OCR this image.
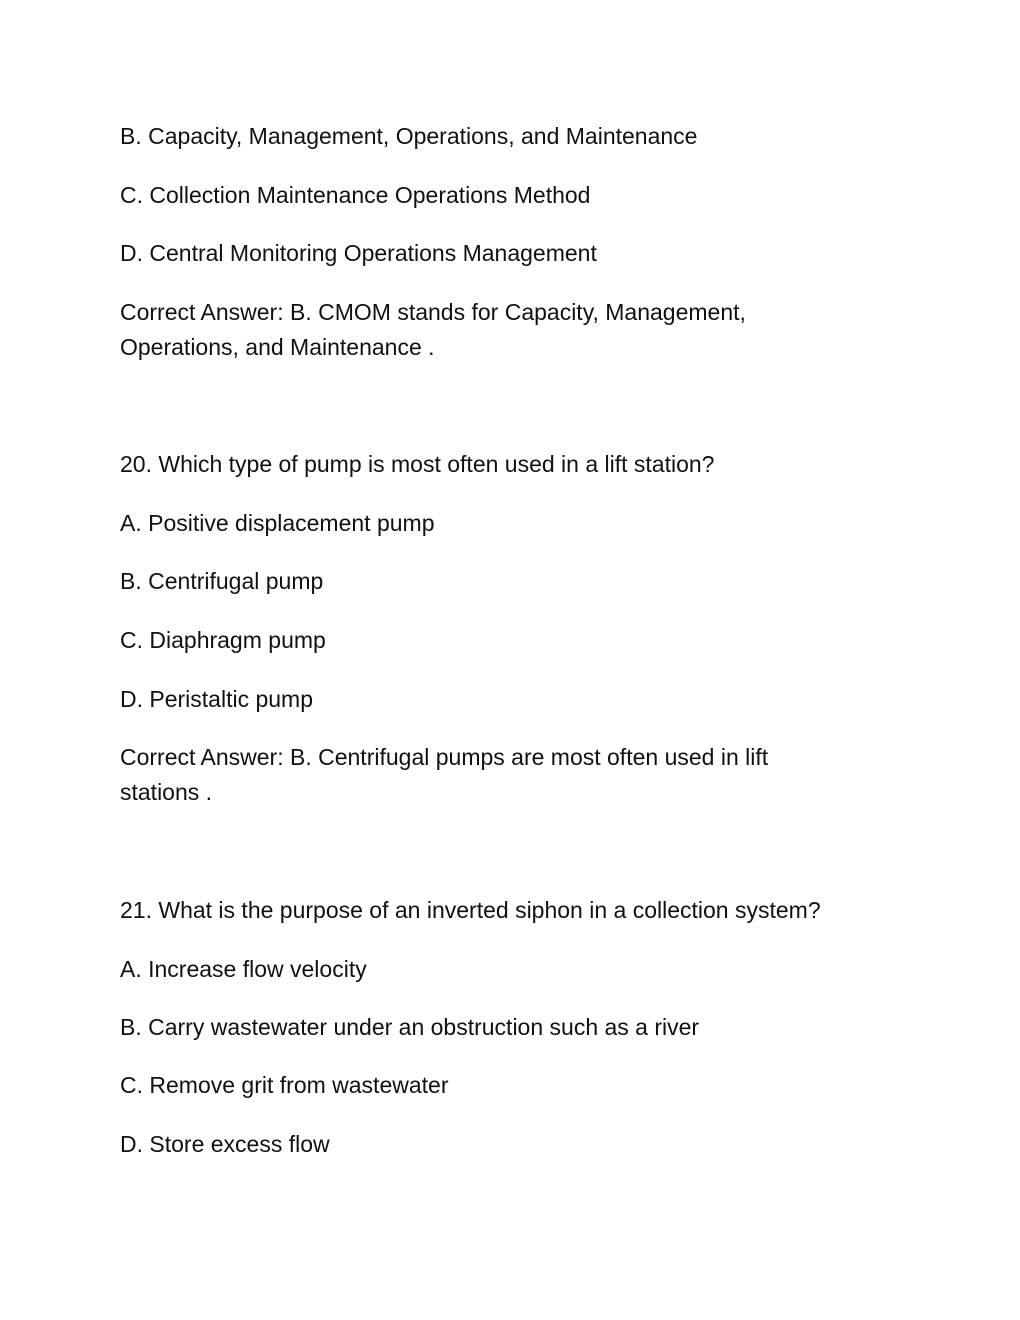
B. Capacity, Management, Operations, and Maintenance
C. Collection Maintenance Operations Method
D. Central Monitoring Operations Management
Correct Answer: B. CMOM stands for Capacity, Management,
Operations, and Maintenance .
20. Which type of pump is most often used in a lift station?
A. Positive displacement pump
B. Centrifugal pump
C. Diaphragm pump
D. Peristaltic pump
Correct Answer: B. Centrifugal pumps are most often used in lift
stations .
21. What is the purpose of an inverted siphon in a collection system?
A. Increase flow velocity
B. Carry wastewater under an obstruction such as a river
C. Remove grit from wastewater
D. Store excess flow
